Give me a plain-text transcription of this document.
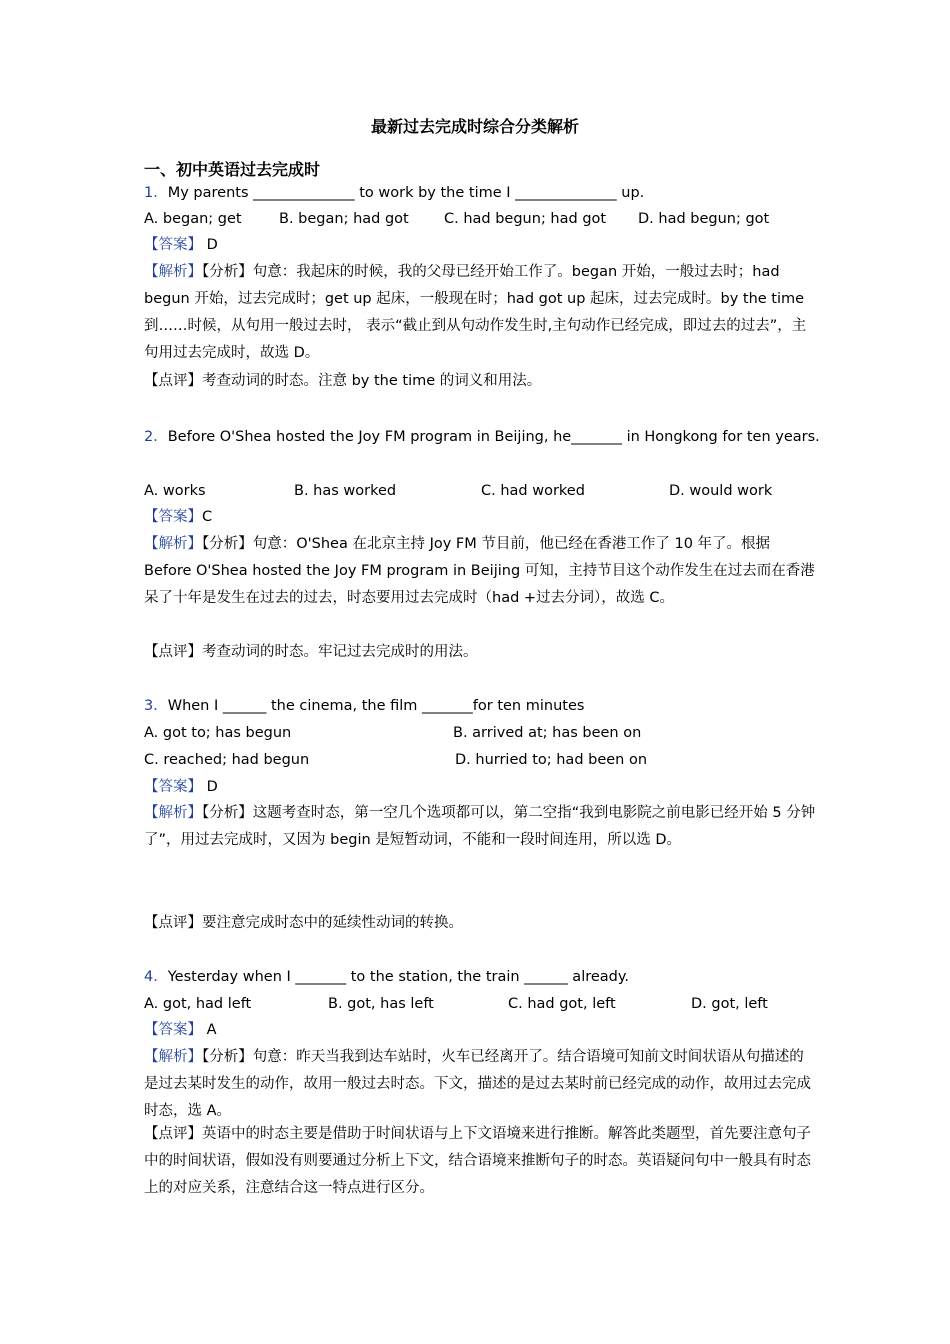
最新过去完成时综合分类解析
一、初中英语过去完成时
1．My parents ______________ to work by the time I ______________ up.
A. began; get	B. began; had got C. had begun; had got D. had begun; got
【答案】 D
【解析】【分析】句意：我起床的时候，我的父母已经开始工作了。began 开始，一般过去时；had begun 开始，过去完成时；get up 起床，一般现在时；had got up 起床，过去完成时。by the time 到……时候，从句用一般过去时， 表示“截止到从句动作发生时,主句动作已经完成，即过去的过去”，主句用过去完成时，故选 D。
【点评】考查动词的时态。注意 by the time 的词义和用法。
2．Before O'Shea hosted the Joy FM program in Beijing, he_______ in Hongkong for ten years.
A. works	B. has worked	C. had worked	D. would work
【答案】C
【解析】【分析】句意：O'Shea 在北京主持 Joy FM 节目前，他已经在香港工作了 10 年了。根据 Before O'Shea hosted the Joy FM program in Beijing 可知，主持节目这个动作发生在过去而在香港呆了十年是发生在过去的过去，时态要用过去完成时（had +过去分词），故选 C。
【点评】考查动词的时态。牢记过去完成时的用法。
3．When I ______ the cinema, the film _______for ten minutes
A. got to; has begun	B. arrived at; has been on
C. reached; had begun	D. hurried to; had been on
【答案】 D
【解析】【分析】这题考查时态，第一空几个选项都可以，第二空指“我到电影院之前电影已经开始 5 分钟了”，用过去完成时，又因为 begin 是短暂动词，不能和一段时间连用，所以选 D。
【点评】要注意完成时态中的延续性动词的转换。
4．Yesterday when I _______ to the station, the train ______ already.
A. got, had left	B. got, has left	C. had got, left	D. got, left
【答案】 A
【解析】【分析】句意：昨天当我到达车站时，火车已经离开了。结合语境可知前文时间状语从句描述的是过去某时发生的动作，故用一般过去时态。下文，描述的是过去某时前已经完成的动作，故用过去完成时态，选 A。
【点评】英语中的时态主要是借助于时间状语与上下文语境来进行推断。解答此类题型，首先要注意句子中的时间状语，假如没有则要通过分析上下文，结合语境来推断句子的时态。英语疑问句中一般具有时态上的对应关系，注意结合这一特点进行区分。
